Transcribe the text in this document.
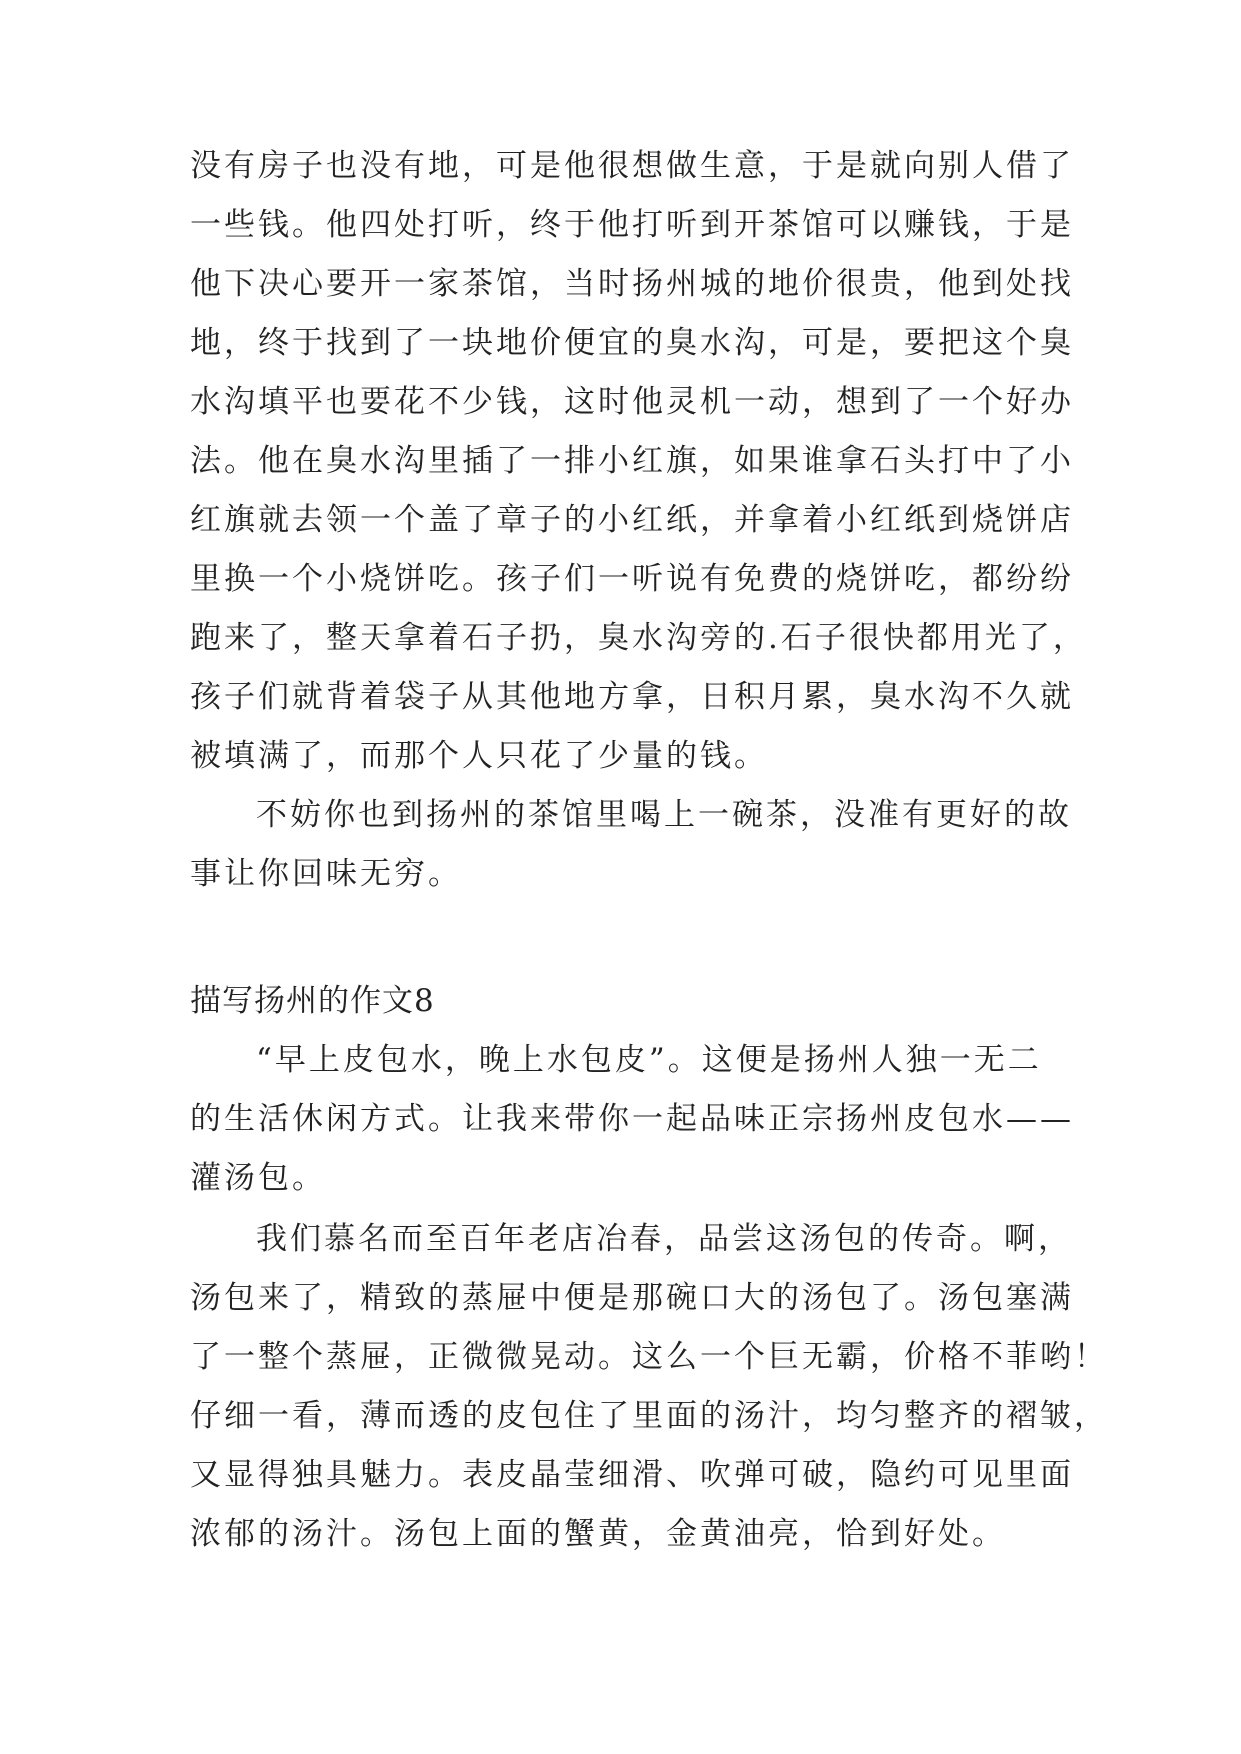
没有房子也没有地，可是他很想做生意，于是就向别人借了
一些钱。他四处打听，终于他打听到开茶馆可以赚钱，于是
他下决心要开一家茶馆，当时扬州城的地价很贵，他到处找
地，终于找到了一块地价便宜的臭水沟，可是，要把这个臭
水沟填平也要花不少钱，这时他灵机一动，想到了一个好办
法。他在臭水沟里插了一排小红旗，如果谁拿石头打中了小
红旗就去领一个盖了章子的小红纸，并拿着小红纸到烧饼店
里换一个小烧饼吃。孩子们一听说有免费的烧饼吃，都纷纷
跑来了，整天拿着石子扔，臭水沟旁的.石子很快都用光了，
孩子们就背着袋子从其他地方拿，日积月累，臭水沟不久就
被填满了，而那个人只花了少量的钱。
不妨你也到扬州的茶馆里喝上一碗茶，没准有更好的故
事让你回味无穷。
描写扬州的作文8
“早上皮包水，晚上水包皮”。这便是扬州人独一无二
的生活休闲方式。让我来带你一起品味正宗扬州皮包水——
灌汤包。
我们慕名而至百年老店冶春，品尝这汤包的传奇。啊，
汤包来了，精致的蒸屉中便是那碗口大的汤包了。汤包塞满
了一整个蒸屉，正微微晃动。这么一个巨无霸，价格不菲哟！
仔细一看，薄而透的皮包住了里面的汤汁，均匀整齐的褶皱，
又显得独具魅力。表皮晶莹细滑、吹弹可破，隐约可见里面
浓郁的汤汁。汤包上面的蟹黄，金黄油亮，恰到好处。
